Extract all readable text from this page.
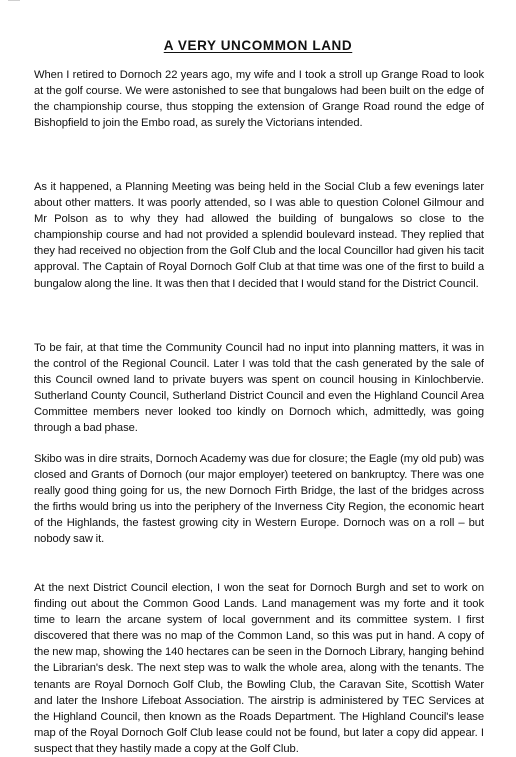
A VERY UNCOMMON LAND

When I retired to Dornoch 22 years ago, my wife and I took a stroll up Grange Road to look at the golf course. We were astonished to see that bungalows had been built on the edge of the championship course, thus stopping the extension of Grange Road round the edge of Bishopfield to join the Embo road, as surely the Victorians intended.

As it happened, a Planning Meeting was being held in the Social Club a few evenings later about other matters. It was poorly attended, so I was able to question Colonel Gilmour and Mr Polson as to why they had allowed the building of bungalows so close to the championship course and had not provided a splendid boulevard instead. They replied that they had received no objection from the Golf Club and the local Councillor had given his tacit approval. The Captain of Royal Dornoch Golf Club at that time was one of the first to build a bungalow along the line. It was then that I decided that I would stand for the District Council.

To be fair, at that time the Community Council had no input into planning matters, it was in the control of the Regional Council. Later I was told that the cash generated by the sale of this Council owned land to private buyers was spent on council housing in Kinlochbervie. Sutherland County Council, Sutherland District Council and even the Highland Council Area Committee members never looked too kindly on Dornoch which, admittedly, was going through a bad phase.

Skibo was in dire straits, Dornoch Academy was due for closure; the Eagle (my old pub) was closed and Grants of Dornoch (our major employer) teetered on bankruptcy. There was one really good thing going for us, the new Dornoch Firth Bridge, the last of the bridges across the firths would bring us into the periphery of the Inverness City Region, the economic heart of the Highlands, the fastest growing city in Western Europe. Dornoch was on a roll – but nobody saw it.

At the next District Council election, I won the seat for Dornoch Burgh and set to work on finding out about the Common Good Lands. Land management was my forte and it took time to learn the arcane system of local government and its committee system. I first discovered that there was no map of the Common Land, so this was put in hand. A copy of the new map, showing the 140 hectares can be seen in the Dornoch Library, hanging behind the Librarian's desk. The next step was to walk the whole area, along with the tenants. The tenants are Royal Dornoch Golf Club, the Bowling Club, the Caravan Site, Scottish Water and later the Inshore Lifeboat Association. The airstrip is administered by TEC Services at the Highland Council, then known as the Roads Department. The Highland Council's lease map of the Royal Dornoch Golf Club lease could not be found, but later a copy did appear. I suspect that they hastily made a copy at the Golf Club.
